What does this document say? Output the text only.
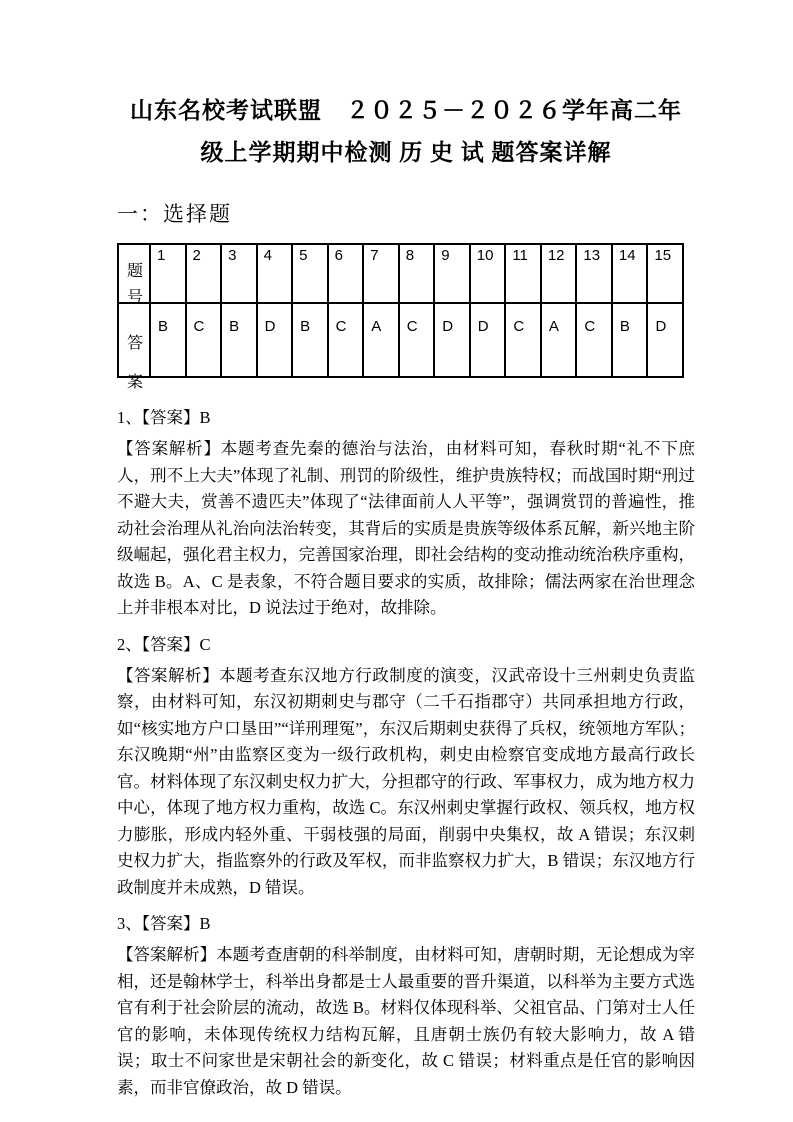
山东名校考试联盟　２０２５－２０２６学年高二年
级上学期期中检测 历 史 试 题答案详解
一：选择题
题号	1	2	3	4	5	6	7	8	9	10	11	12	13	14	15

答案	B	C	B	D	B	C	A	C	D	D	C	A	C	B	D
1、【答案】B
【答案解析】本题考查先秦的德治与法治，由材料可知，春秋时期“礼不下庶人，刑不上大夫”体现了礼制、刑罚的阶级性，维护贵族特权；而战国时期“刑过不避大夫，赏善不遗匹夫”体现了“法律面前人人平等”，强调赏罚的普遍性，推动社会治理从礼治向法治转变，其背后的实质是贵族等级体系瓦解，新兴地主阶级崛起，强化君主权力，完善国家治理，即社会结构的变动推动统治秩序重构，故选 B。A、C 是表象，不符合题目要求的实质，故排除；儒法两家在治世理念上并非根本对比，D 说法过于绝对，故排除。
2、【答案】C
【答案解析】本题考查东汉地方行政制度的演变，汉武帝设十三州刺史负责监察，由材料可知，东汉初期刺史与郡守（二千石指郡守）共同承担地方行政，如“核实地方户口垦田”“详刑理冤”，东汉后期刺史获得了兵权，统领地方军队；东汉晚期“州”由监察区变为一级行政机构，刺史由检察官变成地方最高行政长官。材料体现了东汉刺史权力扩大，分担郡守的行政、军事权力，成为地方权力中心，体现了地方权力重构，故选 C。东汉州刺史掌握行政权、领兵权，地方权力膨胀，形成内轻外重、干弱枝强的局面，削弱中央集权，故 A 错误；东汉刺史权力扩大，指监察外的行政及军权，而非监察权力扩大，B 错误；东汉地方行政制度并未成熟，D 错误。
3、【答案】B
【答案解析】本题考查唐朝的科举制度，由材料可知，唐朝时期，无论想成为宰相，还是翰林学士，科举出身都是士人最重要的晋升渠道，以科举为主要方式选官有利于社会阶层的流动，故选 B。材料仅体现科举、父祖官品、门第对士人任官的影响，未体现传统权力结构瓦解，且唐朝士族仍有较大影响力，故 A 错误；取士不问家世是宋朝社会的新变化，故 C 错误；材料重点是任官的影响因素，而非官僚政治，故 D 错误。
